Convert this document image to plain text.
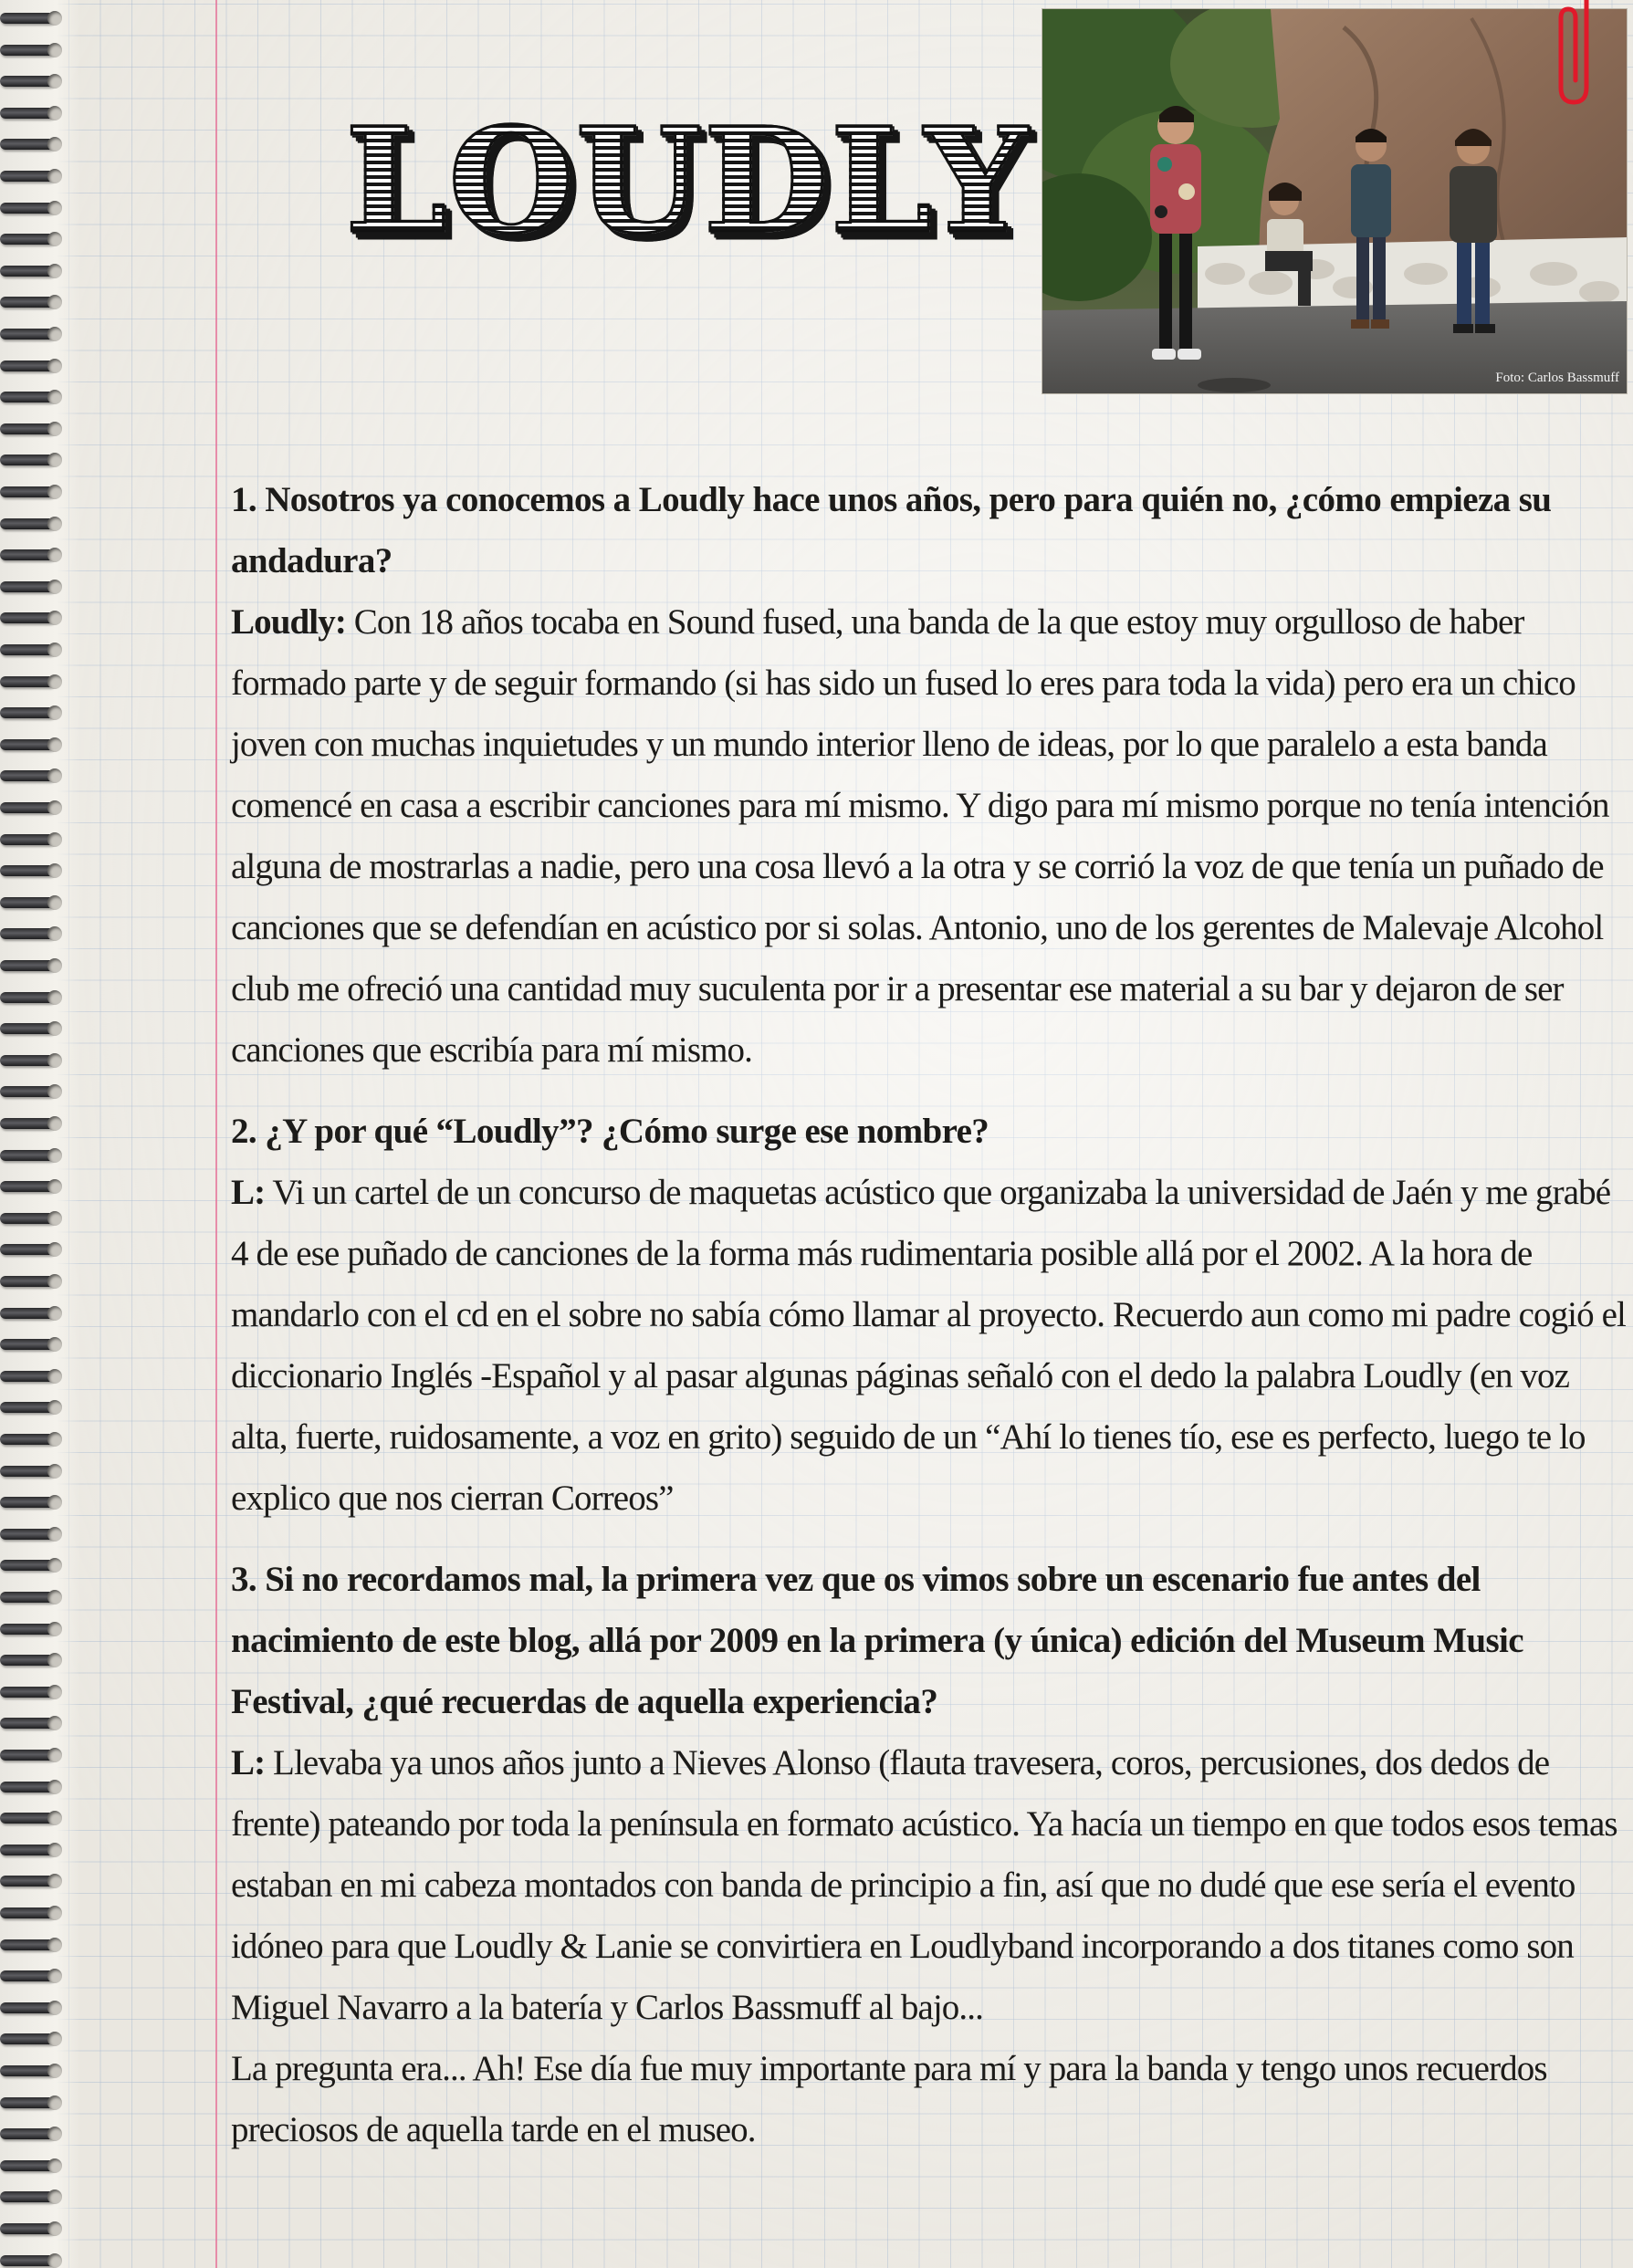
LOUDLY
Foto: Carlos Bassmuff

1. Nosotros ya conocemos a Loudly hace unos años, pero para quién no, ¿cómo empieza su andadura?

Loudly: Con 18 años tocaba en Sound fused, una banda de la que estoy muy orgulloso de haber formado parte y de seguir formando (si has sido un fused lo eres para toda la vida) pero era un chico joven con muchas inquietudes y un mundo interior lleno de ideas, por lo que paralelo a esta banda comencé en casa a escribir canciones para mí mismo. Y digo para mí mismo porque no tenía intención alguna de mostrarlas a nadie, pero una cosa llevó a la otra y se corrió la voz de que tenía un puñado de canciones que se defendían en acústico por si solas. Antonio, uno de los gerentes de Malevaje Alcohol club me ofreció una cantidad muy suculenta por ir a presentar ese material a su bar y dejaron de ser canciones que escribía para mí mismo.

2. ¿Y por qué “Loudly”? ¿Cómo surge ese nombre?

L: Vi un cartel de un concurso de maquetas acústico que organizaba la universidad de Jaén y me grabé 4 de ese puñado de canciones de la forma más rudimentaria posible allá por el 2002. A la hora de mandarlo con el cd en el sobre no sabía cómo llamar al proyecto. Recuerdo aun como mi padre cogió el diccionario Inglés -Español y al pasar algunas páginas señaló con el dedo la palabra Loudly (en voz alta, fuerte, ruidosamente, a voz en grito) seguido de un “Ahí lo tienes tío, ese es perfecto, luego te lo explico que nos cierran Correos”

3. Si no recordamos mal, la primera vez que os vimos sobre un escenario fue antes del nacimiento de este blog, allá por 2009 en la primera (y única) edición del Museum Music Festival, ¿qué recuerdas de aquella experiencia?

L: Llevaba ya unos años junto a Nieves Alonso (flauta travesera, coros, percusiones, dos dedos de frente) pateando por toda la península en formato acústico. Ya hacía un tiempo en que todos esos temas estaban en mi cabeza montados con banda de principio a fin, así que no dudé que ese sería el evento idóneo para que Loudly & Lanie se convirtiera en Loudlyband incorporando a dos titanes como son Miguel Navarro a la batería y Carlos Bassmuff al bajo...

La pregunta era... Ah! Ese día fue muy importante para mí y para la banda y tengo unos recuerdos preciosos de aquella tarde en el museo.
